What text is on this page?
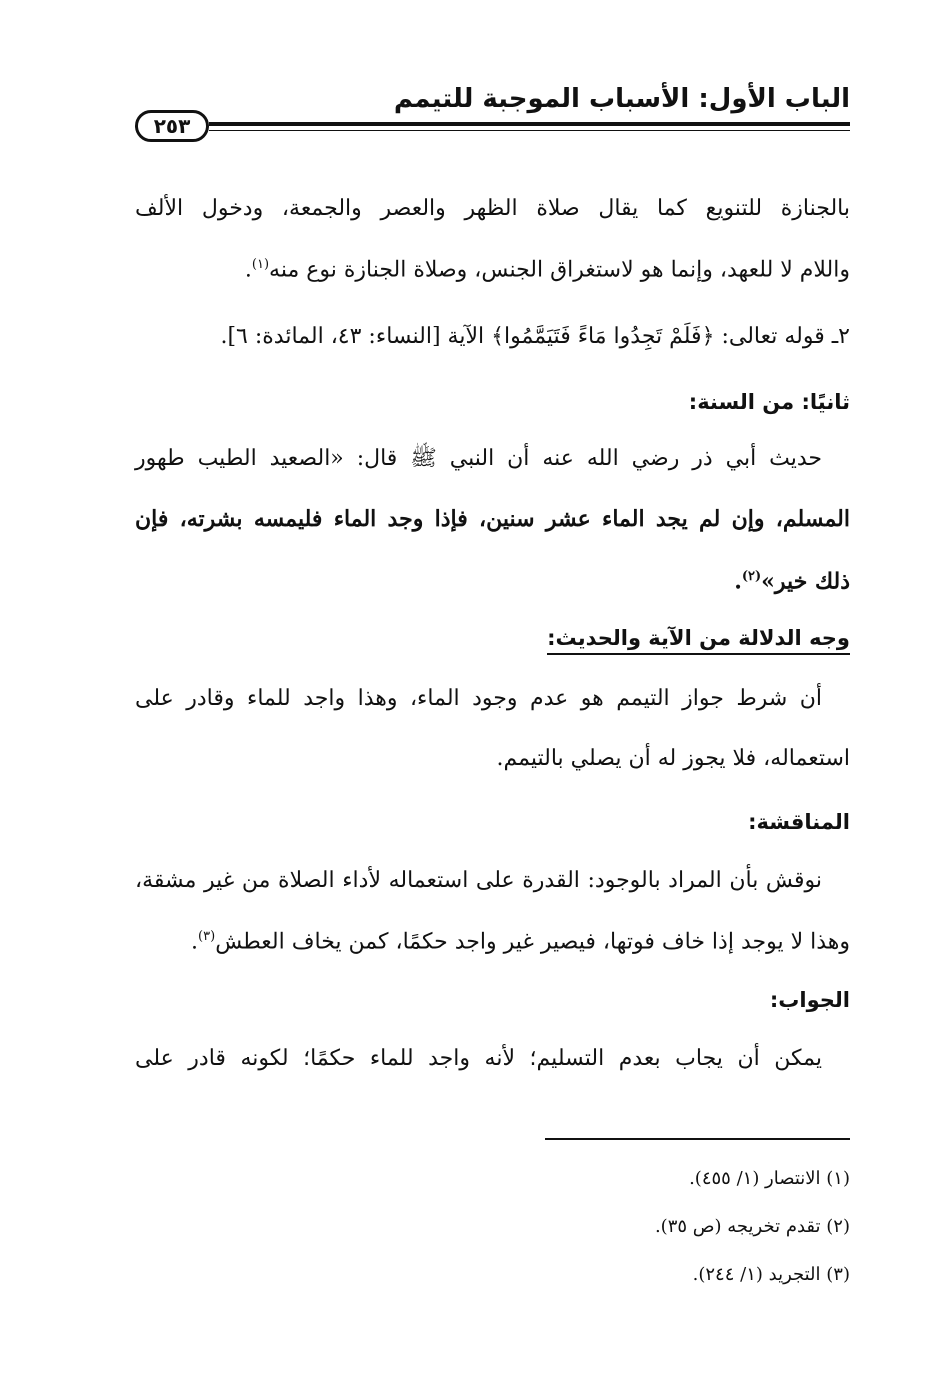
الباب الأول: الأسباب الموجبة للتيمم
٢٥٣
بالجنازة للتنويع كما يقال صلاة الظهر والعصر والجمعة، ودخول الألف
واللام لا للعهد، وإنما هو لاستغراق الجنس، وصلاة الجنازة نوع منه$^{(١)}$.
٢ـ قوله تعالى: ﴿فَلَمْ تَجِدُوا مَاءً فَتَيَمَّمُوا﴾ الآية [النساء: ٤٣، المائدة: ٦].
ثانيًا: من السنة:
حديث أبي ذر رضي الله عنه أن النبي ﷺ قال: «الصعيد الطيب طهور
المسلم، وإن لم يجد الماء عشر سنين، فإذا وجد الماء فليمسه بشرته، فإن
ذلك خير»$^{(٢)}$.
وجه الدلالة من الآية والحديث:
أن شرط جواز التيمم هو عدم وجود الماء، وهذا واجد للماء وقادر على
استعماله، فلا يجوز له أن يصلي بالتيمم.
المناقشة:
نوقش بأن المراد بالوجود: القدرة على استعماله لأداء الصلاة من غير مشقة،
وهذا لا يوجد إذا خاف فوتها، فيصير غير واجد حكمًا، كمن يخاف العطش$^{(٣)}$.
الجواب:
يمكن أن يجاب بعدم التسليم؛ لأنه واجد للماء حكمًا؛ لكونه قادر على
(١) الانتصار (١/ ٤٥٥).
(٢) تقدم تخريجه (ص ٣٥).
(٣) التجريد (١/ ٢٤٤).
